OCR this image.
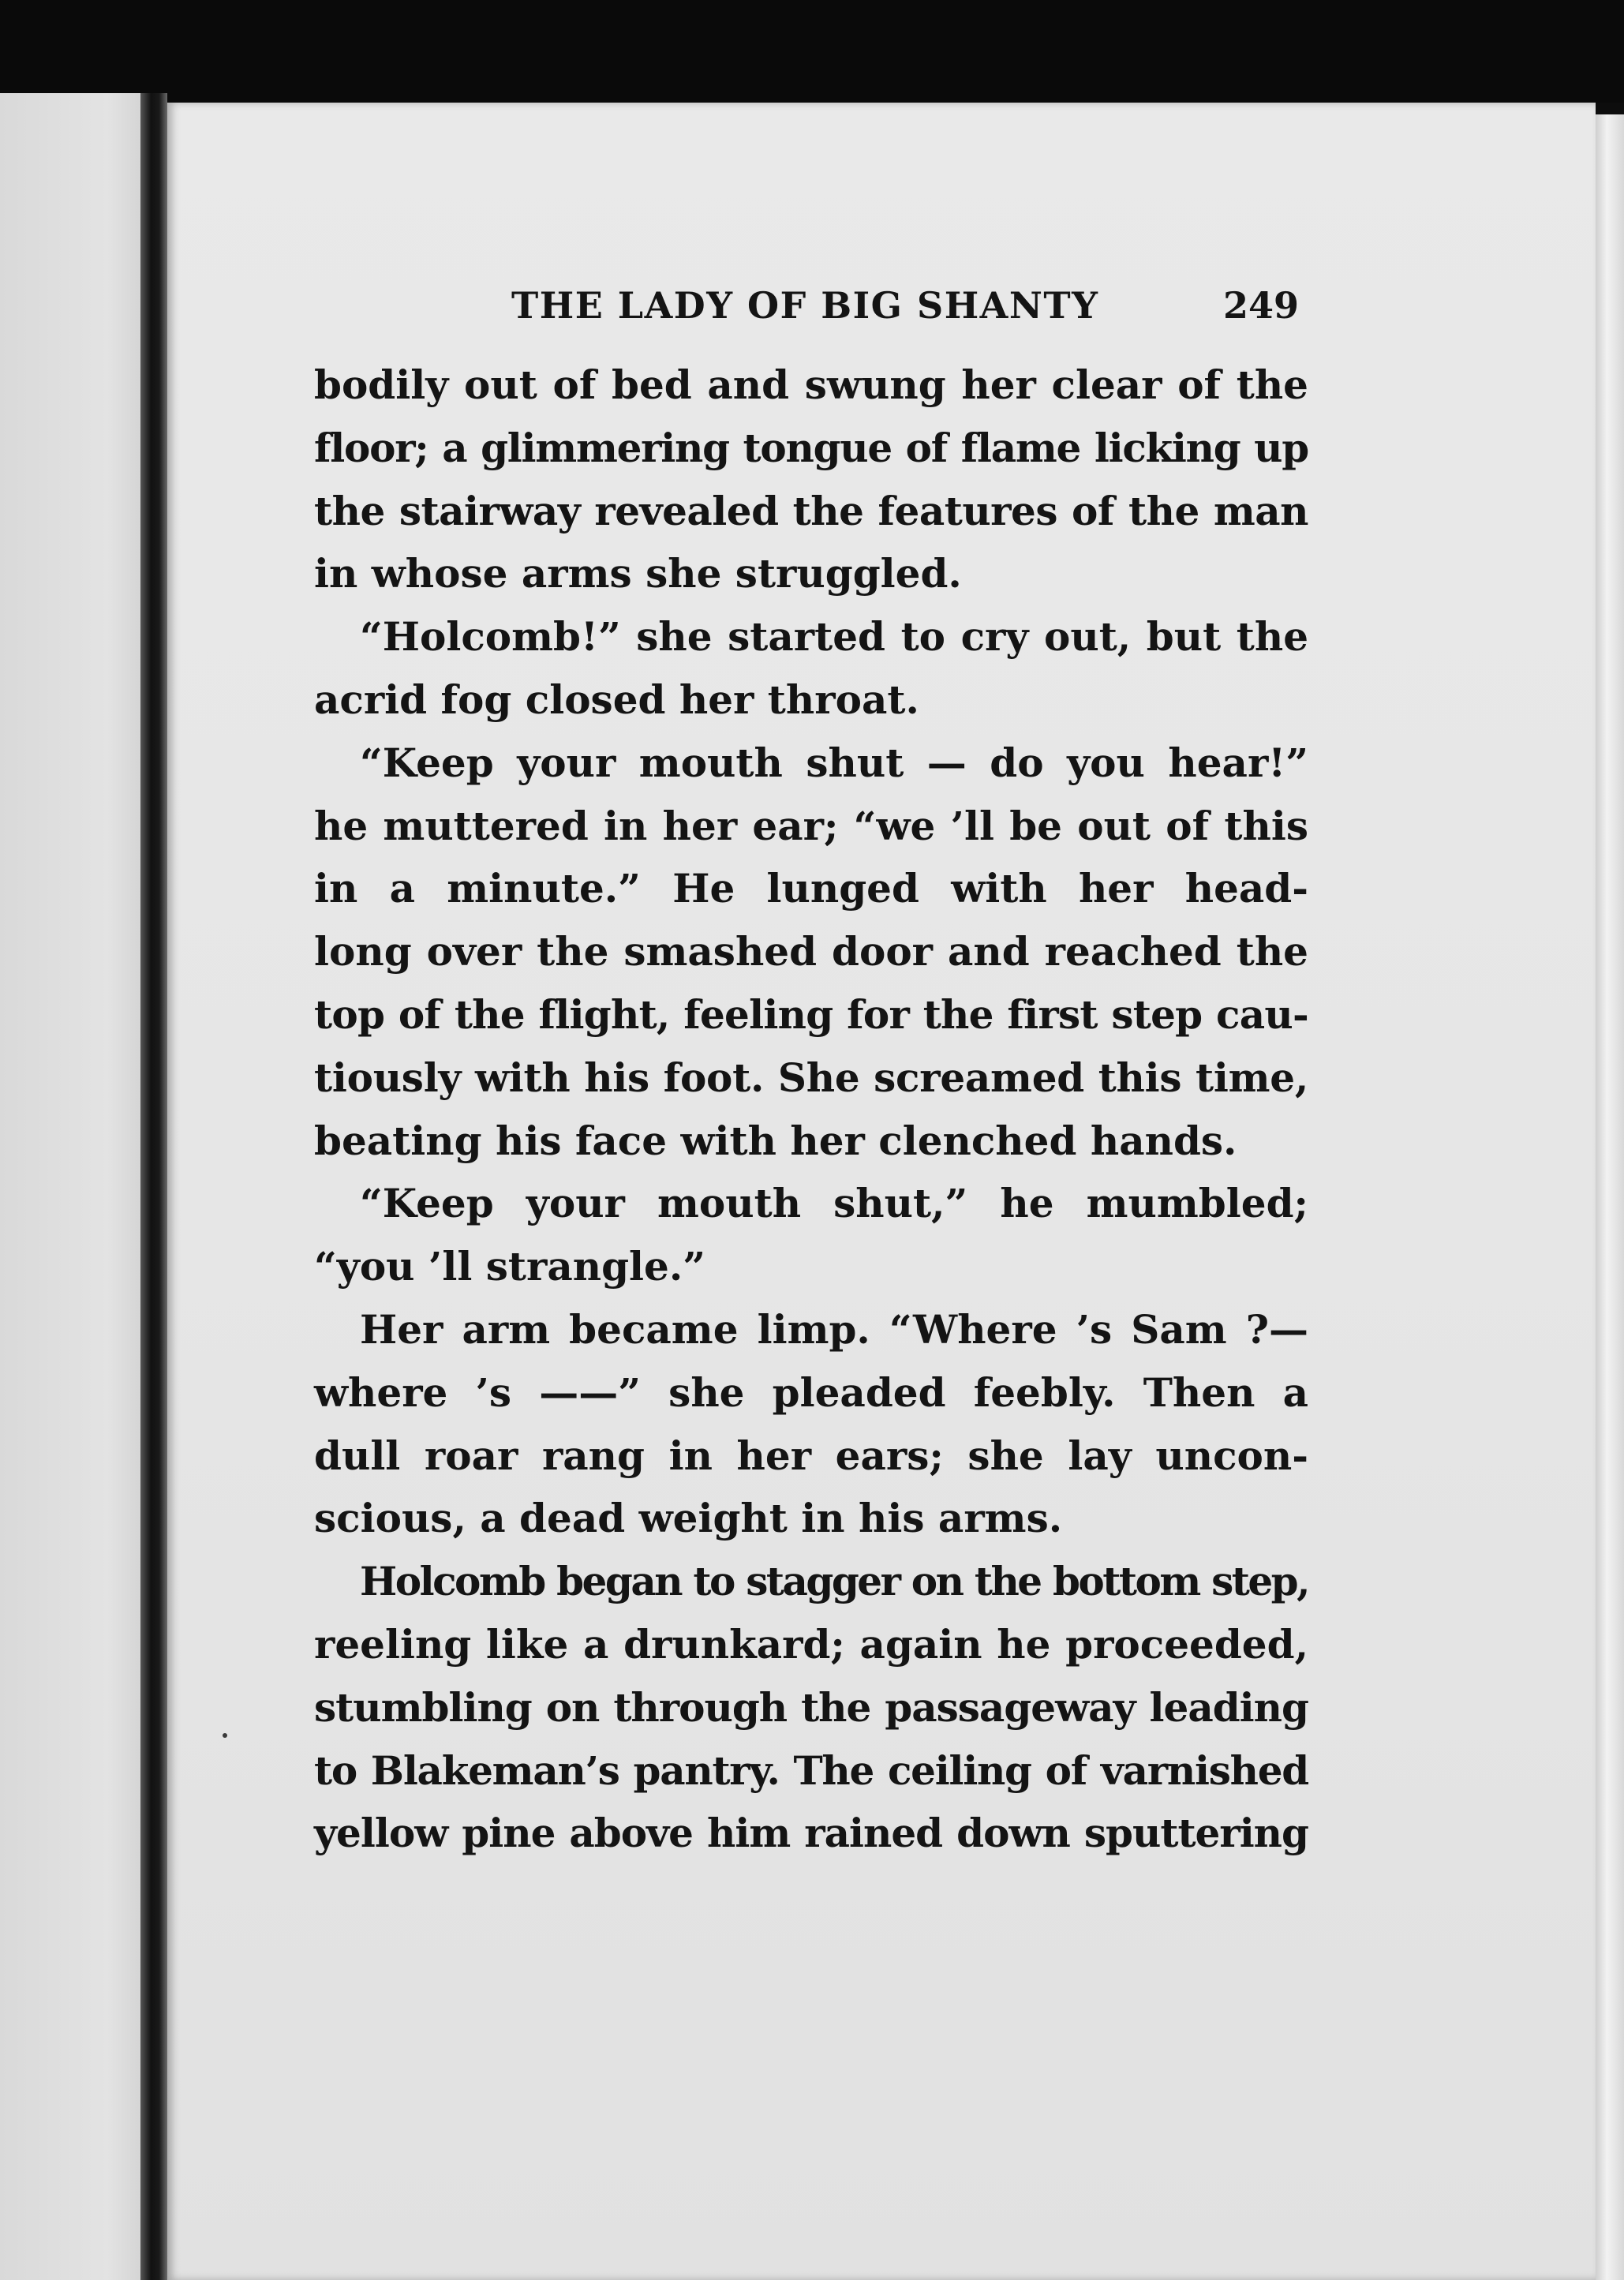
THE LADY OF BIG SHANTY	249
bodily out of bed and swung her clear of the
floor; a glimmering tongue of flame licking up
the stairway revealed the features of the man
in whose arms she struggled.
“Holcomb!” she started to cry out, but the
acrid fog closed her throat.
“Keep your mouth shut — do you hear!”
he muttered in her ear; “we ’ll be out of this
in a minute.” He lunged with her head-
long over the smashed door and reached the
top of the flight, feeling for the first step cau-
tiously with his foot. She screamed this time,
beating his face with her clenched hands.
“Keep your mouth shut,” he mumbled;
“you ’ll strangle.”
Her arm became limp. “Where ’s Sam ?—
where ’s ——” she pleaded feebly. Then a
dull roar rang in her ears; she lay uncon-
scious, a dead weight in his arms.
Holcomb began to stagger on the bottom step,
reeling like a drunkard; again he proceeded,
stumbling on through the passageway leading
to Blakeman’s pantry. The ceiling of varnished
yellow pine above him rained down sputtering
